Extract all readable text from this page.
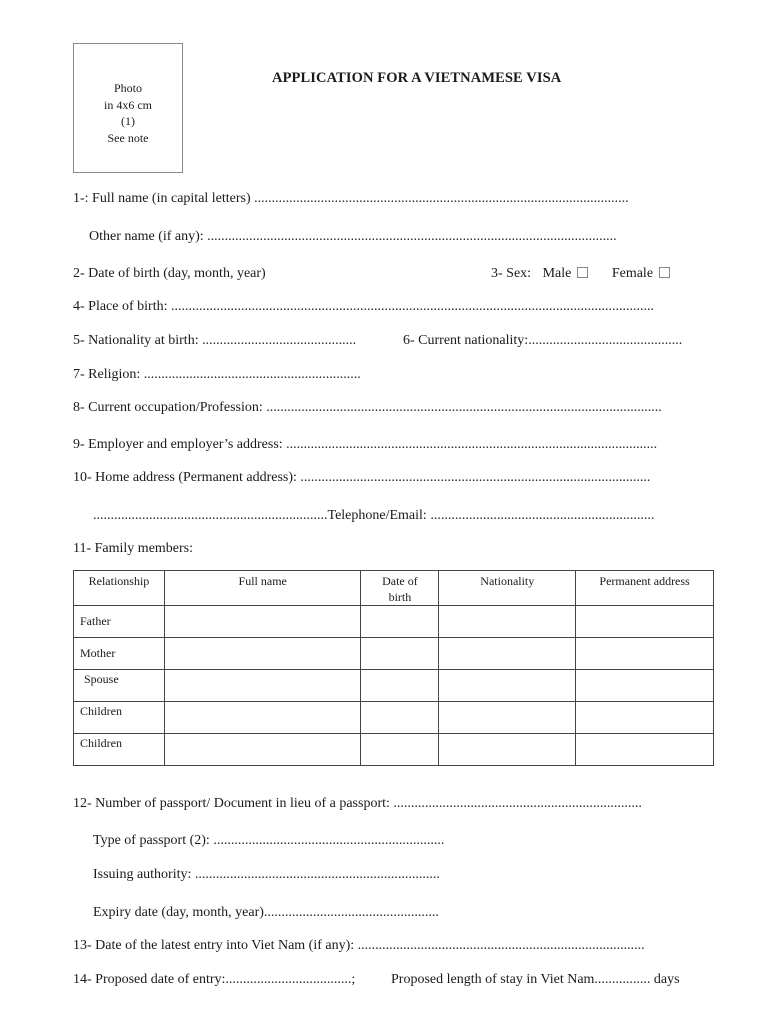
Photo
in 4x6 cm
(1)
See note
APPLICATION FOR A VIETNAMESE VISA
1-: Full name (in capital letters) ...........................................................................................................
Other name (if any): .....................................................................................................................
2- Date of birth (day, month, year)	3- Sex: Male	Female
4- Place of birth: ..........................................................................................................................................
5- Nationality at birth: ............................................	6- Current nationality:............................................
7- Religion: ..............................................................
8- Current occupation/Profession: .................................................................................................................
9- Employer and employer’s address: ..........................................................................................................
10- Home address (Permanent address): ....................................................................................................
...................................................................Telephone/Email: ................................................................
11- Family members:
Relationship	Full name	Date of birth	Nationality	Permanent address
Father				
Mother				
Spouse				
Children				
Children				
12- Number of passport/ Document in lieu of a passport: .......................................................................
Type of passport (2): ..................................................................
Issuing authority: ......................................................................
Expiry date (day, month, year)..................................................
13- Date of the latest entry into Viet Nam (if any): ..................................................................................
14- Proposed date of entry:....................................;	Proposed length of stay in Viet Nam................ days
